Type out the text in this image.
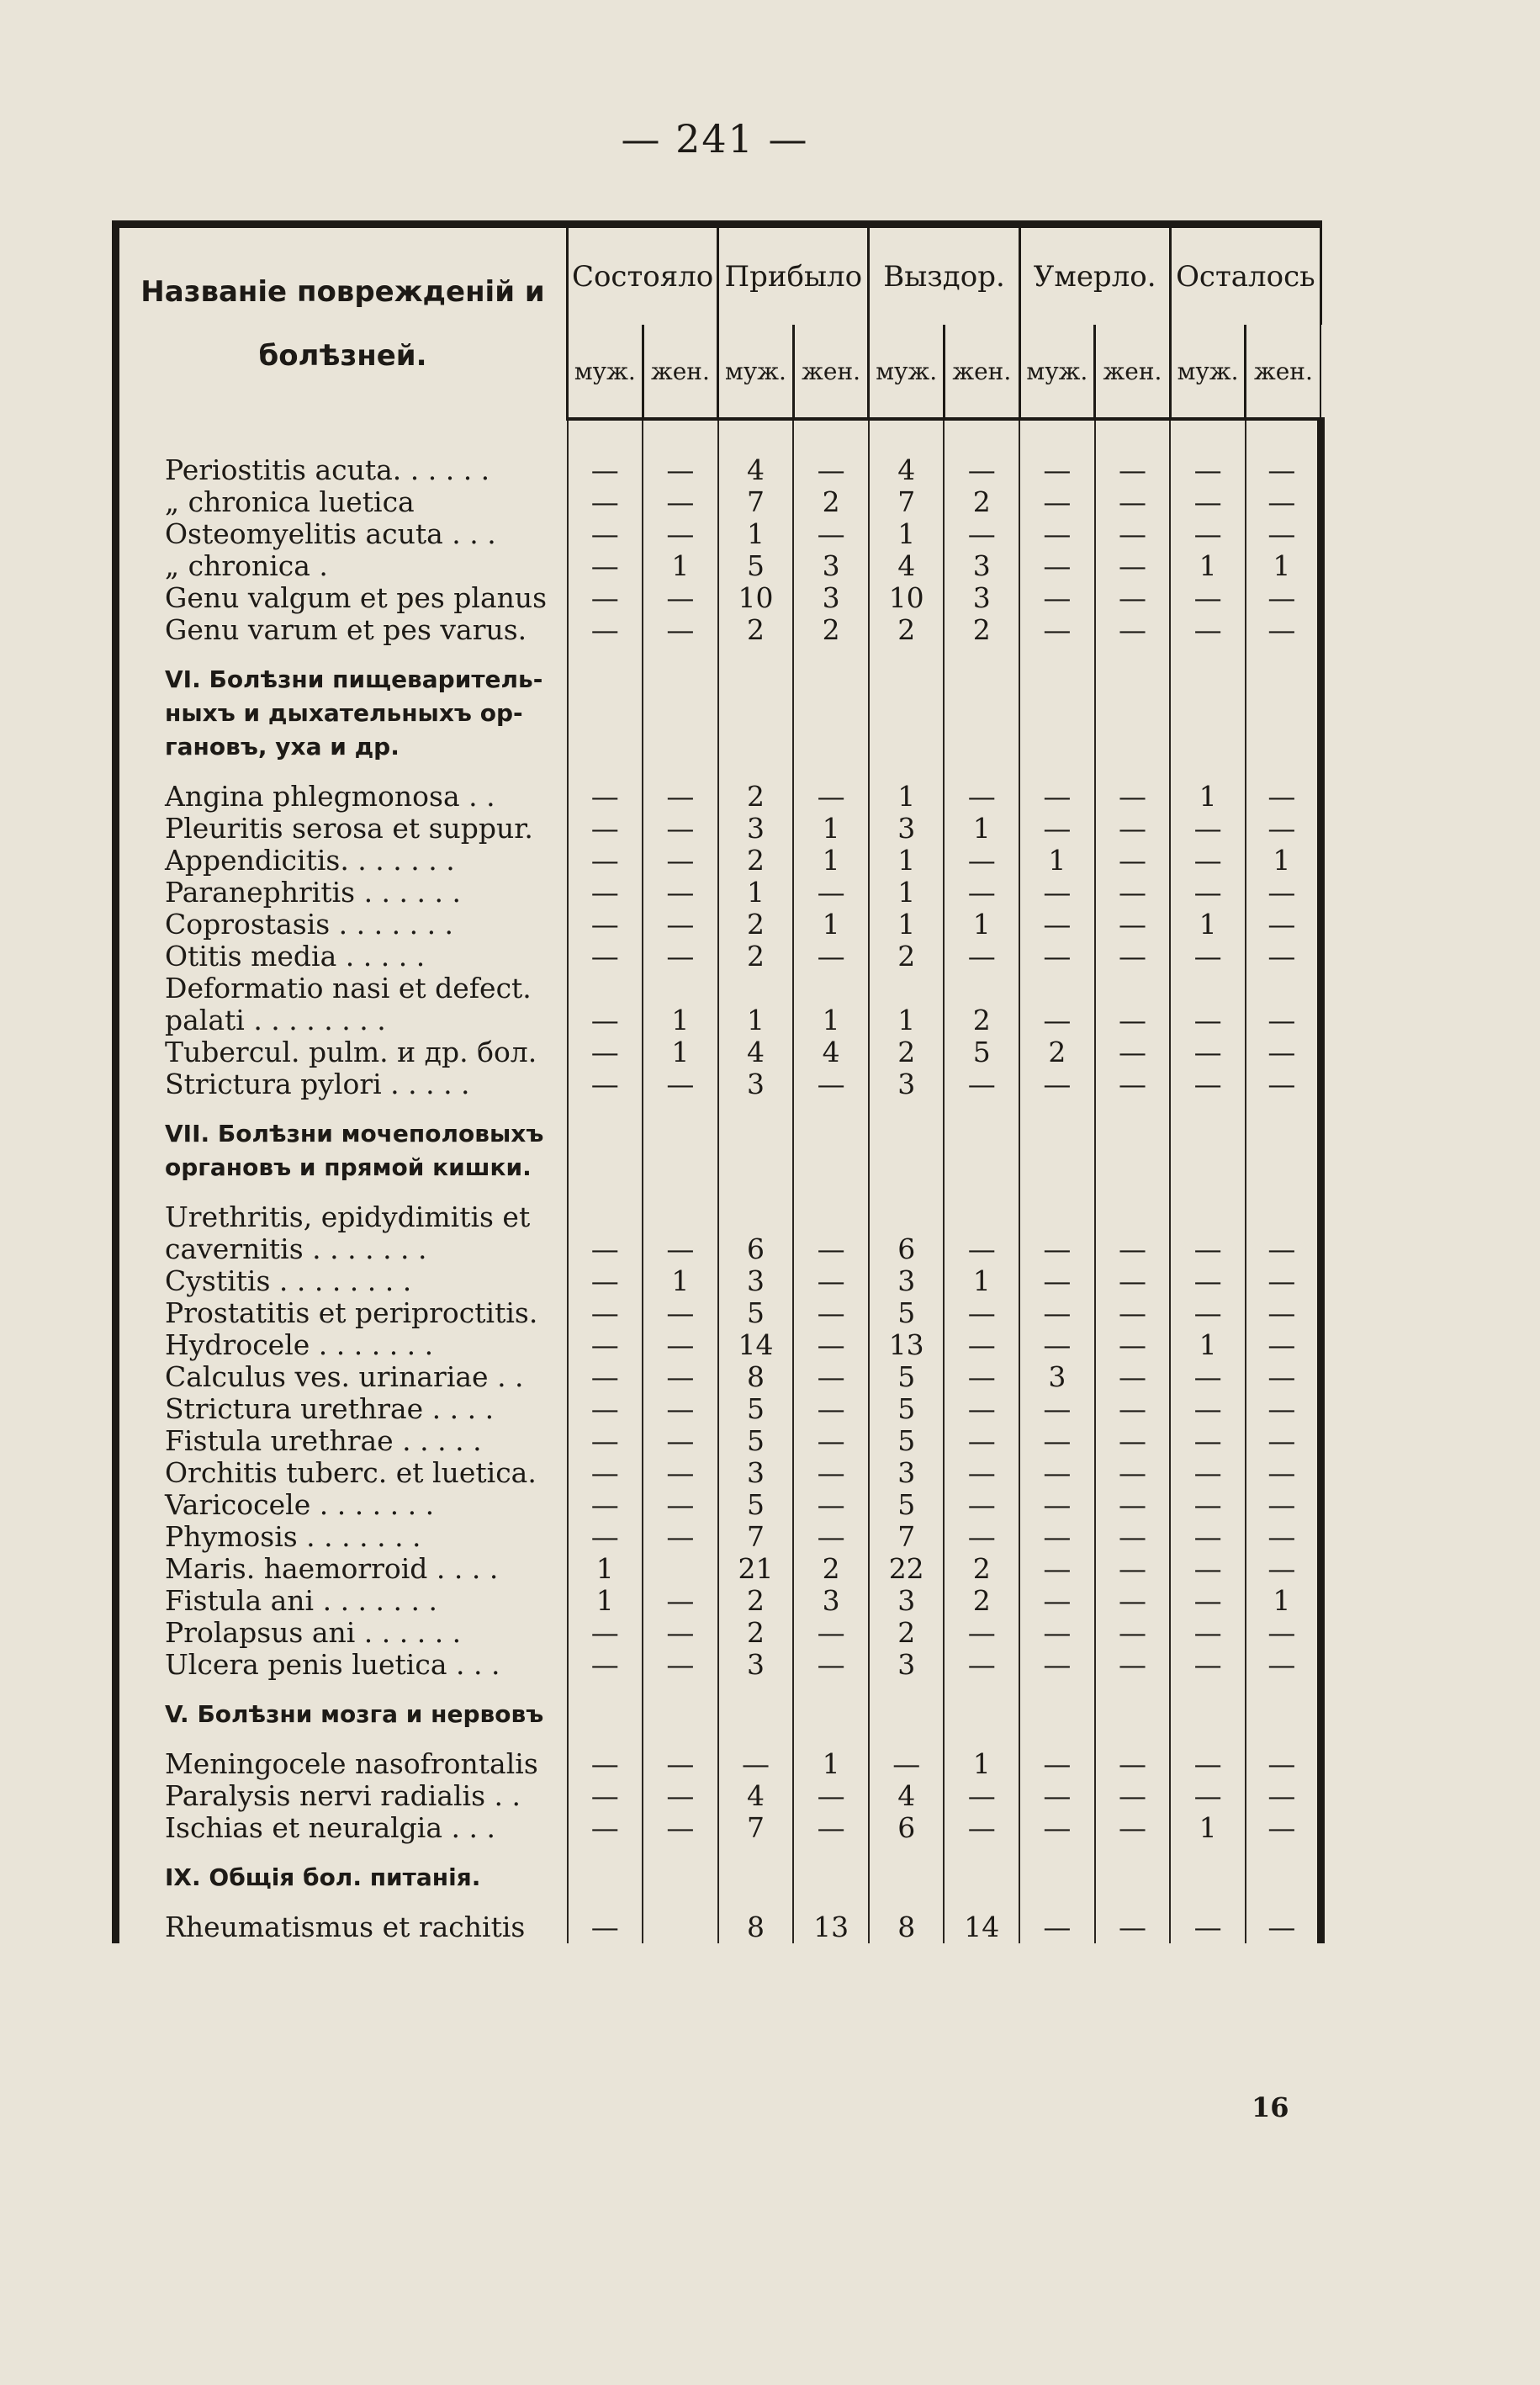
— 241 —
Названіе поврежденій и болѣзней.	Состояло		Прибыло		Выздор.		Умерло.		Осталось	
	муж.	жен.	муж.	жен.	муж.	жен.	муж.	жен.	муж.	жен.

Periostitis acuta. . . . . .	—	—	4	—	4	—	—	—	—	—
„ chronica luetica	—	—	7	2	7	2	—	—	—	—
Osteomyelitis acuta . . .	—	—	1	—	1	—	—	—	—	—
„ chronica .	—	1	5	3	4	3	—	—	1	1
Genu valgum et pes planus	—	—	10	3	10	3	—	—	—	—
Genu varum et pes varus.	—	—	2	2	2	2	—	—	—	—
VI. Болѣзни пищеварительныхъ и дыхательныхъ органовъ, уха и др.										
Angina phlegmonosa . .	—	—	2	—	1	—	—	—	1	—
Pleuritis serosa et suppur.	—	—	3	1	3	1	—	—	—	—
Appendicitis. . . . . . .	—	—	2	1	1	—	1	—	—	1
Paranephritis . . . . . .	—	—	1	—	1	—	—	—	—	—
Coprostasis . . . . . . .	—	—	2	1	1	1	—	—	1	—
Otitis media . . . . .	—	—	2	—	2	—	—	—	—	—
Deformatio nasi et defect.										
palati . . . . . . . .	—	1	1	1	1	2	—	—	—	—
Tubercul. pulm. и др. бол.	—	1	4	4	2	5	2	—	—	—
Strictura pylori . . . . .	—	—	3	—	3	—	—	—	—	—
VII. Болѣзни мочеполовыхъ органовъ и прямой кишки.										
Urethritis, epidydimitis et										
cavernitis . . . . . . .	—	—	6	—	6	—	—	—	—	—
Cystitis . . . . . . . .	—	1	3	—	3	1	—	—	—	—
Prostatitis et periproctitis.	—	—	5	—	5	—	—	—	—	—
Hydrocele . . . . . . .	—	—	14	—	13	—	—	—	1	—
Calculus ves. urinariae . .	—	—	8	—	5	—	3	—	—	—
Strictura urethrae . . . .	—	—	5	—	5	—	—	—	—	—
Fistula urethrae . . . . .	—	—	5	—	5	—	—	—	—	—
Orchitis tuberc. et luetica.	—	—	3	—	3	—	—	—	—	—
Varicocele . . . . . . .	—	—	5	—	5	—	—	—	—	—
Phymosis . . . . . . .	—	—	7	—	7	—	—	—	—	—
Maris. haemorroid . . . .	1		21	2	22	2	—	—	—	—
Fistula ani . . . . . . .	1	—	2	3	3	2	—	—	—	1
Prolapsus ani . . . . . .	—	—	2	—	2	—	—	—	—	—
Ulcera penis luetica . . .	—	—	3	—	3	—	—	—	—	—
V. Болѣзни мозга и нервовъ										
Meningocele nasofrontalis	—	—	—	1	—	1	—	—	—	—
Paralysis nervi radialis . .	—	—	4	—	4	—	—	—	—	—
Ischias et neuralgia . . .	—	—	7	—	6	—	—	—	1	—
IX. Общія бол. питанія.										
Rheumatismus et rachitis	—		8	13	8	14	—	—	—	—
16
